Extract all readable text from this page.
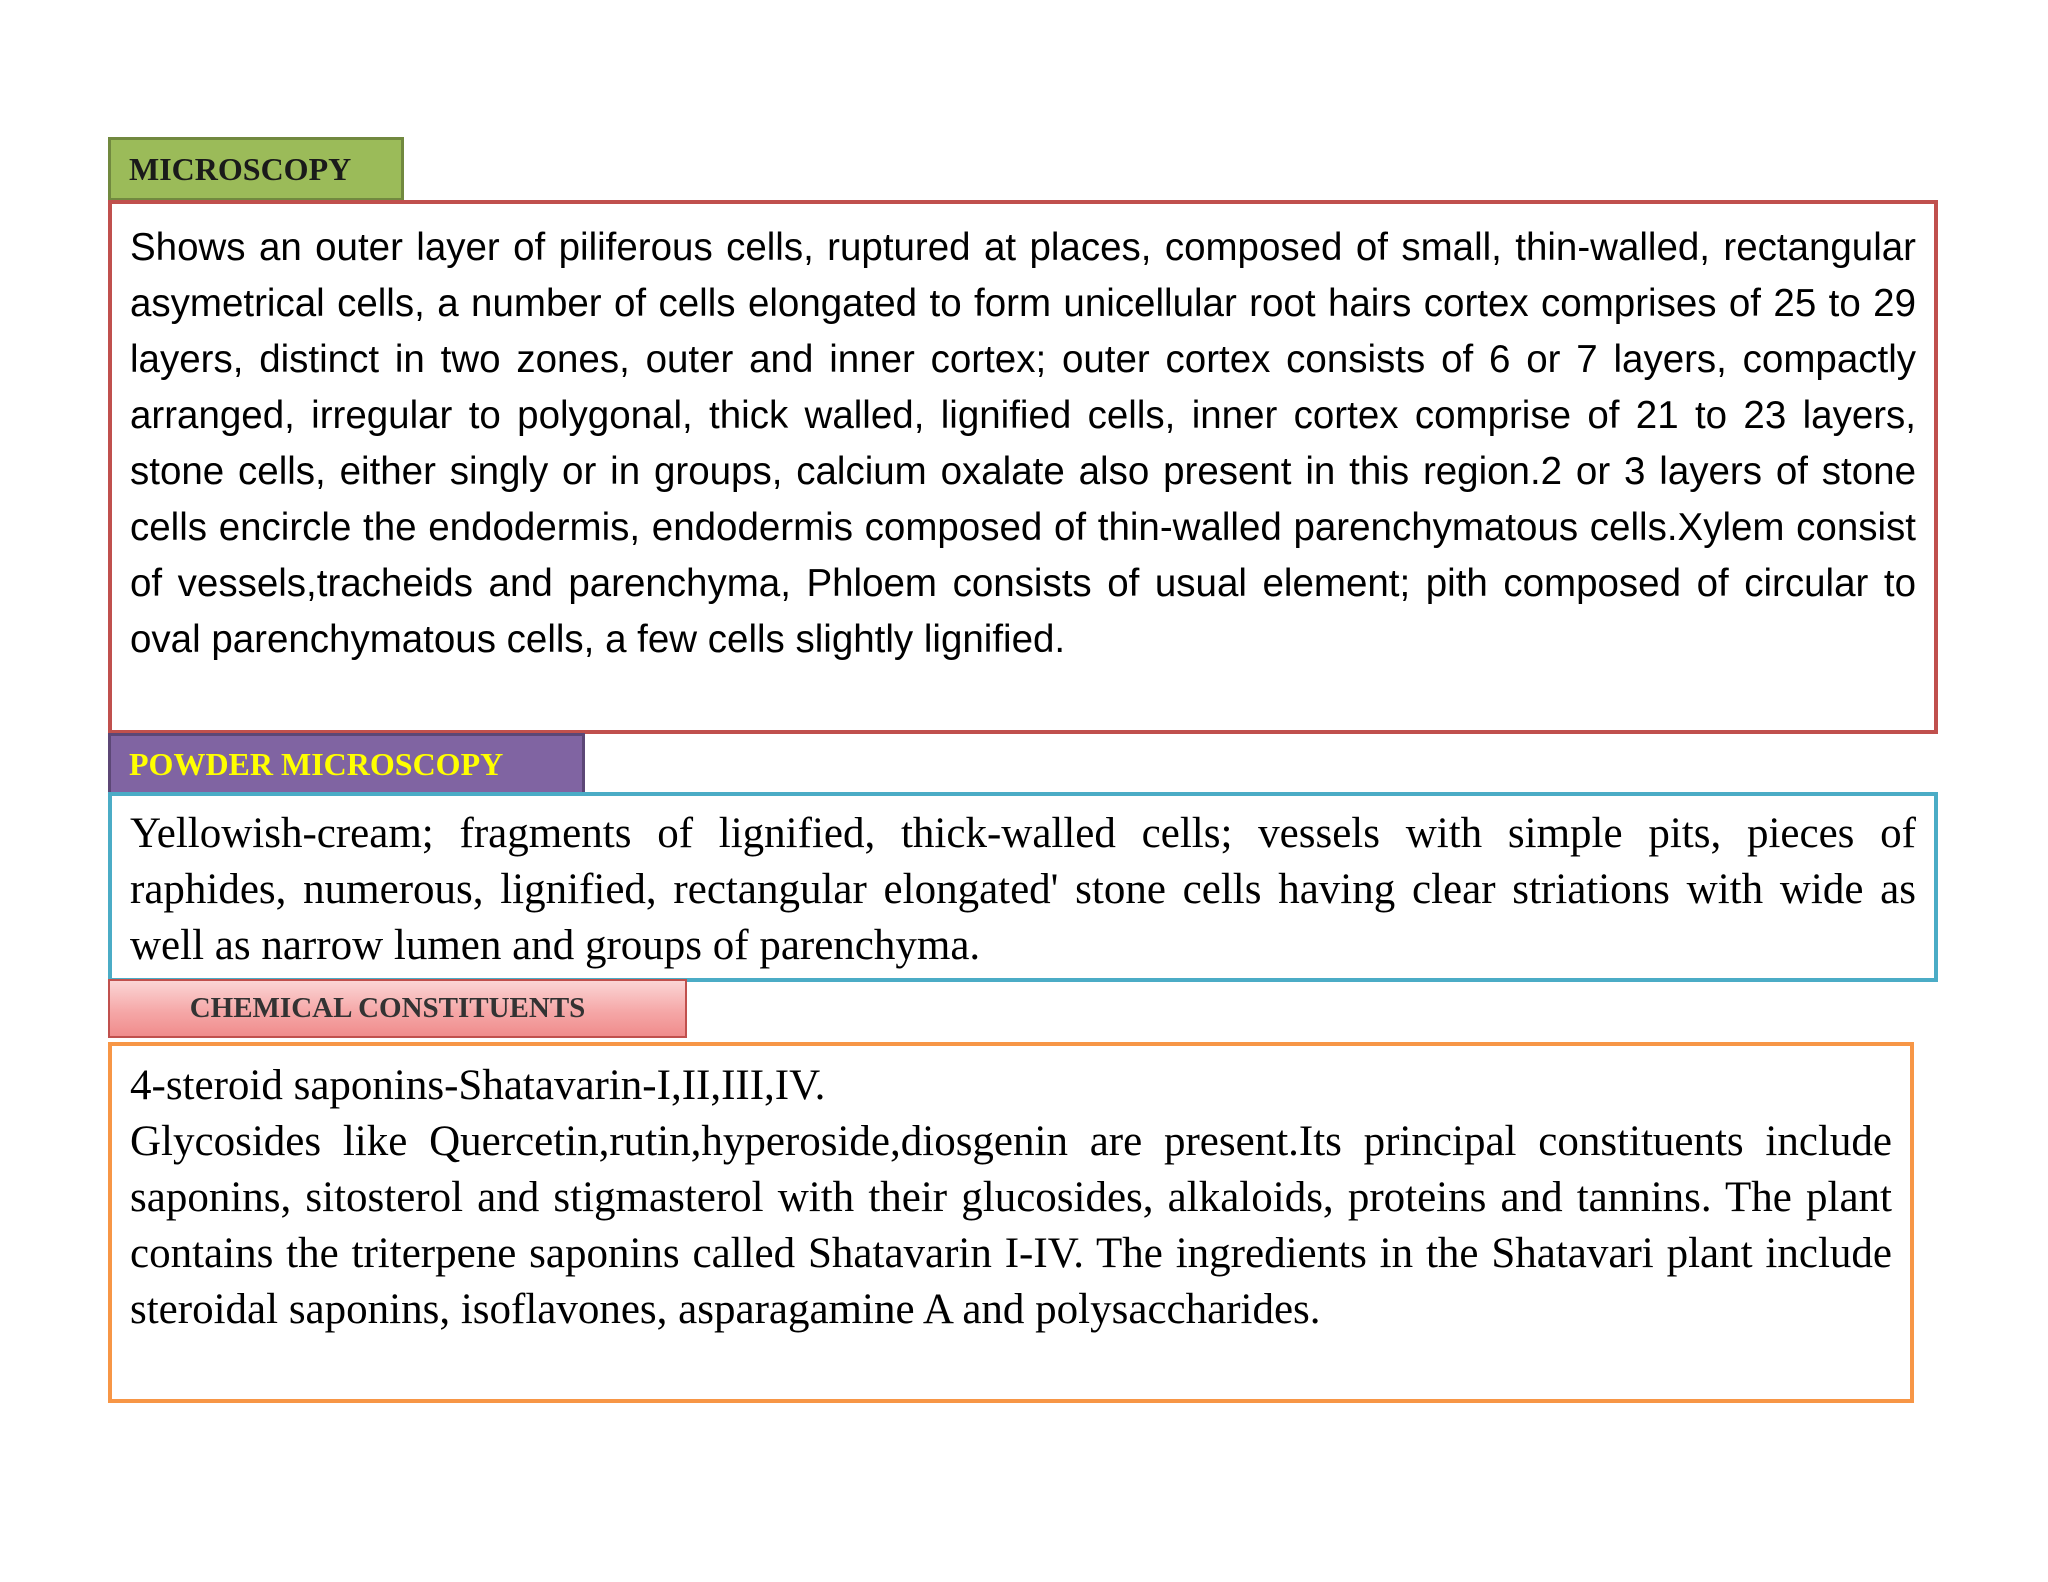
MICROSCOPY

Shows an outer layer of piliferous cells, ruptured at places, composed of small, thin-walled, rectangular asymetrical cells, a number of cells elongated to form unicellular root hairs cortex comprises of 25 to 29 layers, distinct in two zones, outer and inner cortex; outer cortex consists of 6 or 7 layers, compactly arranged, irregular to polygonal, thick walled, lignified cells, inner cortex comprise of 21 to 23 layers, stone cells, either singly or in groups, calcium oxalate also present in this region.2 or 3 layers of stone cells encircle the endodermis, endodermis composed of thin-walled parenchymatous cells.Xylem consist of vessels,tracheids and parenchyma, Phloem consists of usual element; pith composed of circular to oval parenchymatous cells, a few cells slightly lignified.

POWDER MICROSCOPY

Yellowish-cream; fragments of lignified, thick-walled cells; vessels with simple pits, pieces of raphides, numerous, lignified, rectangular elongated' stone cells having clear striations with wide as well as narrow lumen and groups of parenchyma.

4-steroid saponins-Shatavarin-I,II,III,IV.

Glycosides like Quercetin,rutin,hyperoside,diosgenin are present.Its principal constituents include saponins, sitosterol and stigmasterol with their glucosides, alkaloids, proteins and tannins. The plant contains the triterpene saponins called Shatavarin I-IV. The ingredients in the Shatavari plant include steroidal saponins, isoflavones, asparagamine A and polysaccharides.

CHEMICAL CONSTITUENTS
